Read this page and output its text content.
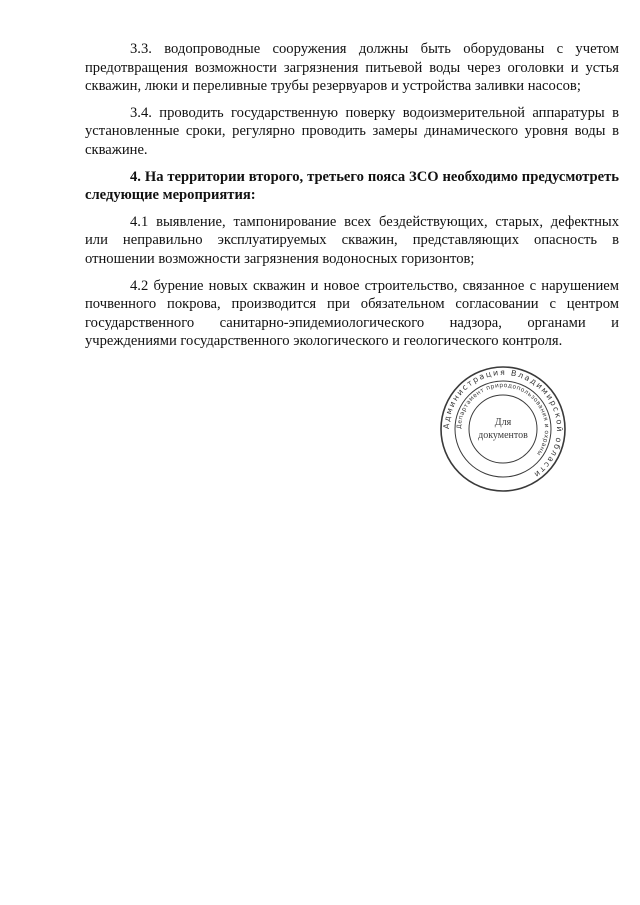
3.3. водопроводные сооружения должны быть оборудованы с учетом предотвращения возможности загрязнения питьевой воды через оголовки и устья скважин, люки и переливные трубы резервуаров и устройства заливки насосов;

3.4. проводить государственную поверку водоизмерительной аппаратуры в установленные сроки, регулярно проводить замеры динамического уровня воды в скважине.

4. На территории второго, третьего пояса ЗСО необходимо предусмотреть следующие мероприятия:

4.1 выявление, тампонирование всех бездействующих, старых, дефектных или неправильно эксплуатируемых скважин, представляющих опасность в отношении возможности загрязнения водоносных горизонтов;

4.2 бурение новых скважин и новое строительство, связанное с нарушением почвенного покрова, производится при обязательном согласовании с центром государственного санитарно-эпидемиологического надзора, органами и учреждениями государственного экологического и геологического контроля.

Администрация Владимирской области
Департамент природопользования и охраны
Для
документов
